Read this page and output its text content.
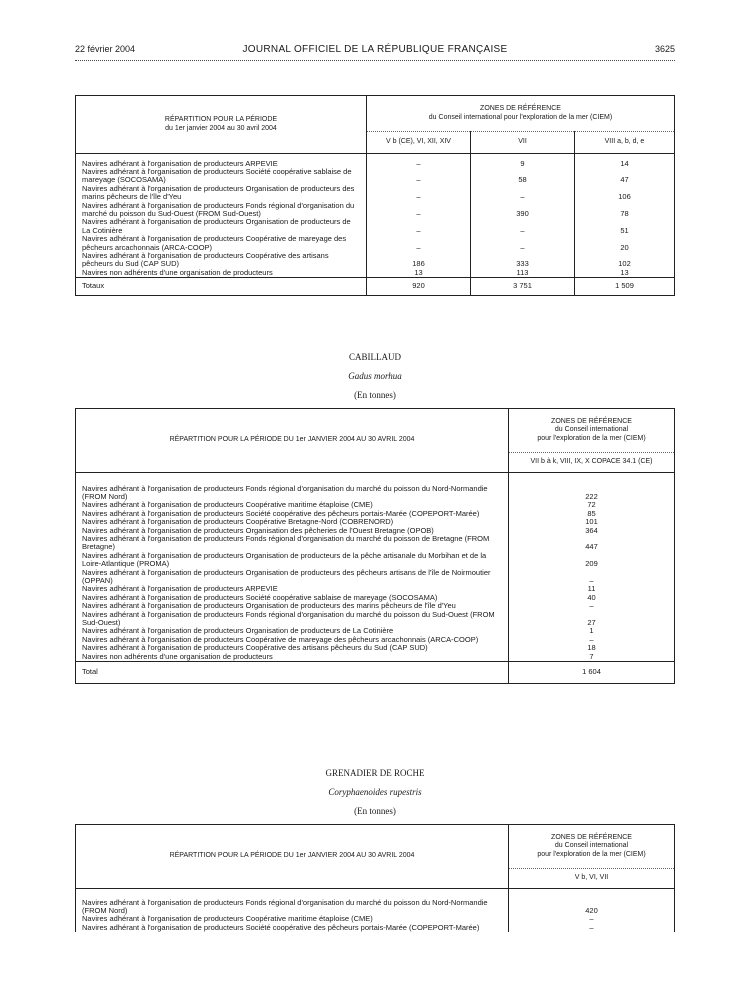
22 février 2004	JOURNAL OFFICIEL DE LA RÉPUBLIQUE FRANÇAISE	3625
RÉPARTITION POUR LA PÉRIODE
du 1er janvier 2004 au 30 avril 2004	ZONES DE RÉFÉRENCE
du Conseil international pour l'exploration de la mer (CIEM)		
	V b (CE), VI, XII, XIV	VII	VIII a, b, d, e

Navires adhérant à l'organisation de producteurs ARPEVIE	–	9	14
Navires adhérant à l'organisation de producteurs Société coopérative sablaise de mareyage (SOCOSAMA)	–	58	47
Navires adhérant à l'organisation de producteurs Organisation de producteurs des marins pêcheurs de l'île d'Yeu	–	–	106
Navires adhérant à l'organisation de producteurs Fonds régional d'organisation du marché du poisson du Sud-Ouest (FROM Sud-Ouest)	–	390	78
Navires adhérant à l'organisation de producteurs Organisation de producteurs de La Cotinière	–	–	51
Navires adhérant à l'organisation de producteurs Coopérative de mareyage des pêcheurs arcachonnais (ARCA-COOP)	–	–	20
Navires adhérant à l'organisation de producteurs Coopérative des artisans pêcheurs du Sud (CAP SUD)	186	333	102
Navires non adhérents d'une organisation de producteurs	13	113	13
Totaux	920	3 751	1 509
CABILLAUD
Gadus morhua
(En tonnes)
RÉPARTITION POUR LA PÉRIODE DU 1er JANVIER 2004 AU 30 AVRIL 2004	ZONES DE RÉFÉRENCE
du Conseil international
pour l'exploration de la mer (CIEM)
	VII b à k, VIII, IX, X COPACE 34.1 (CE)

Navires adhérant à l'organisation de producteurs Fonds régional d'organisation du marché du poisson du Nord-Normandie (FROM Nord)	222
Navires adhérant à l'organisation de producteurs Coopérative maritime étaploise (CME)	72
Navires adhérant à l'organisation de producteurs Société coopérative des pêcheurs portais-Marée (COPEPORT-Marée)	85
Navires adhérant à l'organisation de producteurs Coopérative Bretagne-Nord (COBRENORD)	101
Navires adhérant à l'organisation de producteurs Organisation des pêcheries de l'Ouest Bretagne (OPOB)	364
Navires adhérant à l'organisation de producteurs Fonds régional d'organisation du marché du poisson de Bretagne (FROM Bretagne)	447
Navires adhérant à l'organisation de producteurs Organisation de producteurs de la pêche artisanale du Morbihan et de la Loire-Atlantique (PROMA)	209
Navires adhérant à l'organisation de producteurs Organisation de producteurs des pêcheurs artisans de l'île de Noirmoutier (OPPAN)	–
Navires adhérant à l'organisation de producteurs ARPEVIE	11
Navires adhérant à l'organisation de producteurs Société coopérative sablaise de mareyage (SOCOSAMA)	40
Navires adhérant à l'organisation de producteurs Organisation de producteurs des marins pêcheurs de l'île d'Yeu	–
Navires adhérant à l'organisation de producteurs Fonds régional d'organisation du marché du poisson du Sud-Ouest (FROM Sud-Ouest)	27
Navires adhérant à l'organisation de producteurs Organisation de producteurs de La Cotinière	1
Navires adhérant à l'organisation de producteurs Coopérative de mareyage des pêcheurs arcachonnais (ARCA-COOP)	–
Navires adhérant à l'organisation de producteurs Coopérative des artisans pêcheurs du Sud (CAP SUD)	18
Navires non adhérents d'une organisation de producteurs	7
Total	1 604
GRENADIER DE ROCHE
Coryphaenoides rupestris
(En tonnes)
RÉPARTITION POUR LA PÉRIODE DU 1er JANVIER 2004 AU 30 AVRIL 2004	ZONES DE RÉFÉRENCE
du Conseil international
pour l'exploration de la mer (CIEM)
	V b, VI, VII

Navires adhérant à l'organisation de producteurs Fonds régional d'organisation du marché du poisson du Nord-Normandie (FROM Nord)	420
Navires adhérant à l'organisation de producteurs Coopérative maritime étaploise (CME)	–
Navires adhérant à l'organisation de producteurs Société coopérative des pêcheurs portais-Marée (COPEPORT-Marée)	–
